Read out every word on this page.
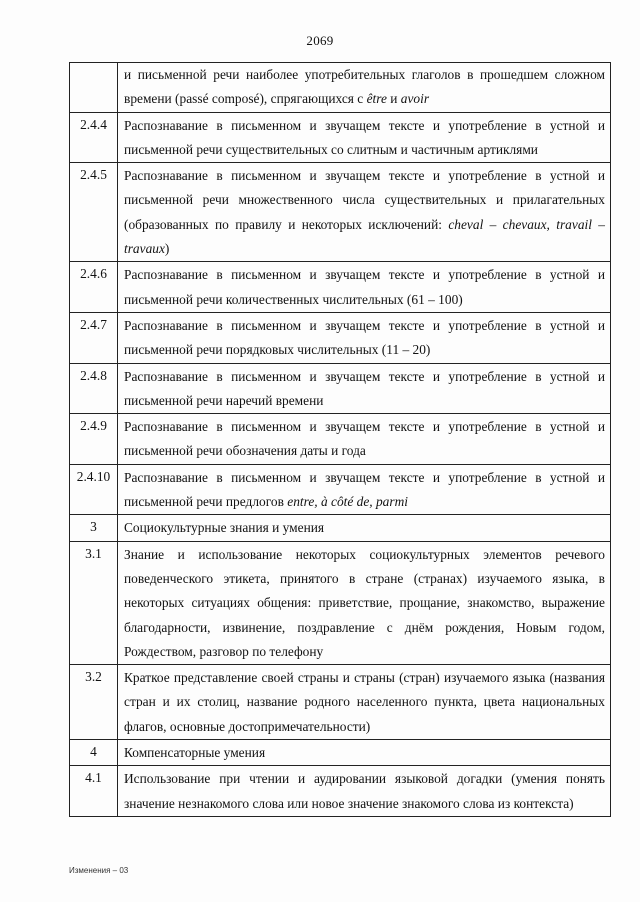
2069
	и письменной речи наиболее употребительных глаголов в прошедшем сложном времени (passé composé), спрягающихся с être и avoir
2.4.4	Распознавание в письменном и звучащем тексте и употребление в устной и письменной речи существительных со слитным и частичным артиклями
2.4.5	Распознавание в письменном и звучащем тексте и употребление в устной и письменной речи множественного числа существительных и прилагательных (образованных по правилу и некоторых исключений: cheval – chevaux, travail – travaux)
2.4.6	Распознавание в письменном и звучащем тексте и употребление в устной и письменной речи количественных числительных (61 – 100)
2.4.7	Распознавание в письменном и звучащем тексте и употребление в устной и письменной речи порядковых числительных (11 – 20)
2.4.8	Распознавание в письменном и звучащем тексте и употребление в устной и письменной речи наречий времени
2.4.9	Распознавание в письменном и звучащем тексте и употребление в устной и письменной речи обозначения даты и года
2.4.10	Распознавание в письменном и звучащем тексте и употребление в устной и письменной речи предлогов entre, à côté de, parmi
3	Социокультурные знания и умения
3.1	Знание и использование некоторых социокультурных элементов речевого поведенческого этикета, принятого в стране (странах) изучаемого языка, в некоторых ситуациях общения: приветствие, прощание, знакомство, выражение благодарности, извинение, поздравление с днём рождения, Новым годом, Рождеством, разговор по телефону
3.2	Краткое представление своей страны и страны (стран) изучаемого языка (названия стран и их столиц, название родного населенного пункта, цвета национальных флагов, основные достопримечательности)
4	Компенсаторные умения
4.1	Использование при чтении и аудировании языковой догадки (умения понять значение незнакомого слова или новое значение знакомого слова из контекста)
Изменения – 03
